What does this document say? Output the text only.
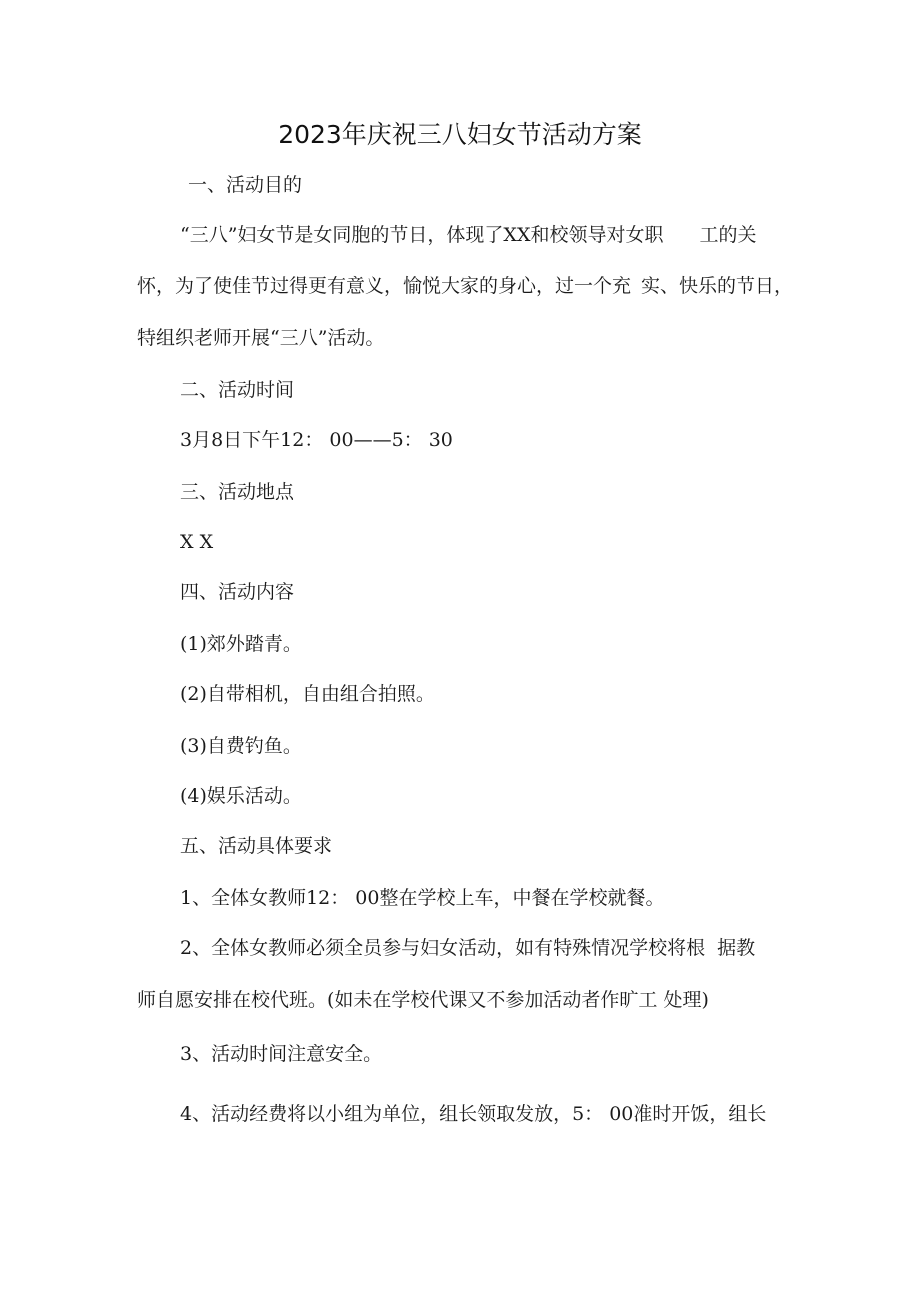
2023年庆祝三八妇女节活动方案
一、活动目的
“三八”妇女节是女同胞的节日，体现了XX和校领导对女职 工的关
怀，为了使佳节过得更有意义，愉悦大家的身心，过一个充 实、快乐的节日，
特组织老师开展“三八”活动。
二、活动时间
3月8日下午12： 00——5： 30
三、活动地点
X X
四、活动内容
(1)郊外踏青。
(2)自带相机，自由组合拍照。
(3)自费钓鱼。
(4)娱乐活动。
五、活动具体要求
1、全体女教师12： 00整在学校上车，中餐在学校就餐。
2、全体女教师必须全员参与妇女活动，如有特殊情况学校将根 据教
师自愿安排在校代班。(如未在学校代课又不参加活动者作旷工 处理)
3、活动时间注意安全。
4、活动经费将以小组为单位，组长领取发放，5： 00准时开饭，组长
